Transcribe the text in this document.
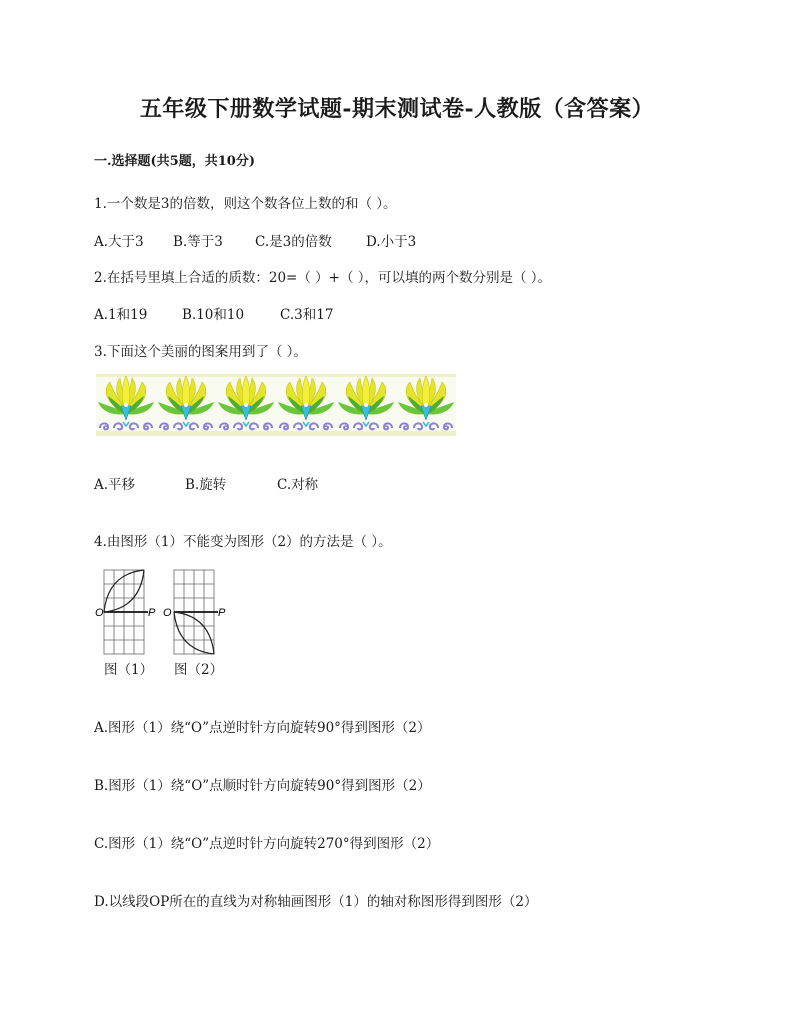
五年级下册数学试题-期末测试卷-人教版（含答案）
一.选择题(共5题，共10分)
1.一个数是3的倍数，则这个数各位上数的和（ ）。
A.大于3 B.等于3 C.是3的倍数	D.小于3
2.在括号里填上合适的质数：20=（ ）+（ ），可以填的两个数分别是（ ）。
A.1和19	B.10和10	C.3和17
3.下面这个美丽的图案用到了（ ）。
A.平移	B.旋转	C.对称
4.由图形（1）不能变为图形（2）的方法是（ ）。
O	P O	P
图（1） 图（2）
A.图形（1）绕“O”点逆时针方向旋转90°得到图形（2）
B.图形（1）绕“O”点顺时针方向旋转90°得到图形（2）
C.图形（1）绕“O”点逆时针方向旋转270°得到图形（2）
D.以线段OP所在的直线为对称轴画图形（1）的轴对称图形得到图形（2）
